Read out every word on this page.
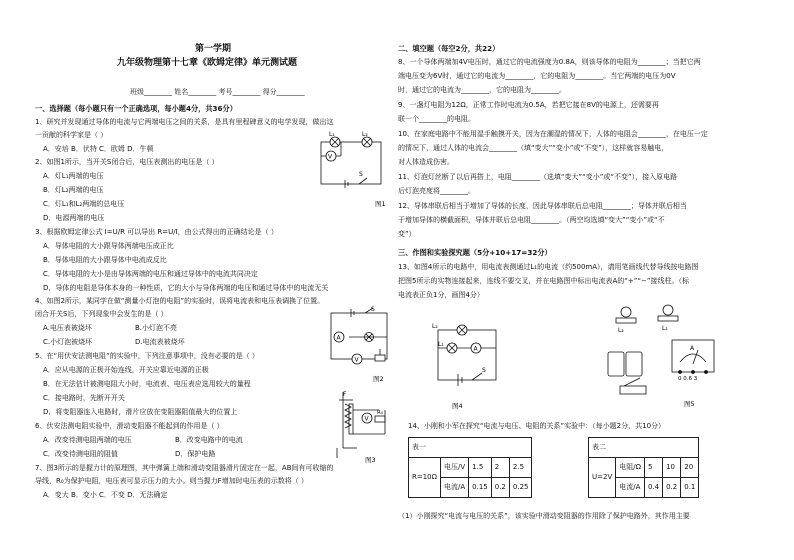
第一学期
九年级物理第十七章《欧姆定律》单元测试题
班级________ 姓名________ 考号________ 得分________
一、选择题（每小题只有一个正确选项，每小题4分，共36分）
1、研究并发现通过导体的电流与它两端电压之间的关系，是具有里程碑意义的电学发现，做出这
一贡献的科学家是（ ）
A．安培 B．伏特 C．欧姆 D．牛顿
2、如图1所示，当开关S闭合后，电压表测出的电压是（ ）
A．灯L₁两端的电压
B．灯L₂两端的电压
C．灯L₁和L₂两端的总电压
D．电源两端的电压
L₁	L₂
V
S
图1
3、根据欧姆定律公式 I=U/R 可以导出 R=U/I，由公式得出的正确结论是（ ）
A．导体电阻的大小跟导体两端电压成正比
B．导体电阻的大小跟导体中电流成反比
C．导体电阻的大小是由导体两端的电压和通过导体中的电流共同决定
D．导体的电阻是导体本身的一种性质，它的大小与导体两端的电压和通过导体中的电流无关
4、如图2所示，某同学在做“测量小灯泡的电阻”的实验时，误将电流表和电压表调换了位置。
闭合开关S后，下列现象中会发生的是（ ）
A.电压表被烧坏	B.小灯泡不亮
C.小灯泡被烧坏	D.电流表被烧坏	A
V
S
图2
5、在“用伏安法测电阻”的实验中，下列注意事项中，没有必要的是（ ）
A．应从电源的正极开始连线，开关应靠近电源的正极
B．在无法估计被测电阻大小时，电流表、电压表应选用较大的量程
C．接电路时，先断开开关
D．将变阻器连入电路时，滑片应放在变阻器阻值最大的位置上
6、伏安法测电阻实验中，滑动变阻器不能起到的作用是（ ）
A．改变待测电阻两端的电压	B．改变电路中的电流
C．改变待测电阻的阻值	D．保护电路
F
V
R₀
图3
7、图3所示的是握力计的原理图，其中弹簧上端和滑动变阻器滑片固定在一起，AB间有可收缩的
导线，R₀为保护电阻，电压表可显示压力的大小。则当握力F增加时电压表的示数将（ ）
A．变大 B．变小 C．不变 D．无法确定
二、填空题（每空2分，共22）
8、一个导体两端加4V电压时，通过它的电流强度为0.8A，则该导体的电阻为________；当把它两
端电压变为6V时，通过它的电流为________，它的电阻为________。当它两端的电压为0V
时，通过它的电流为________，它的电阻为________。
9、一盏灯电阻为12Ω，正常工作时电流为0.5A，若把它接在8V的电源上，还需要再
联一个________的电阻。
10、在家庭电路中不能用湿手触摸开关，因为在潮湿的情况下，人体的电阻会________，在电压一定
的情况下，通过人体的电流会________（填“变大”“变小”或“不变”），这样就容易触电，
对人体造成伤害。
11、灯泡灯丝断了以后再搭上，电阻________（选填“变大”“变小”或“不变”），接入原电路
后灯泡亮度将________。
12、导体串联后相当于增加了导体的长度，因此导体串联后总电阻________；导体并联后相当
于增加导体的横截面积，导体并联后总电阻________。（两空均选填“变大”“变小”或“不
变”）
三、作图和实验探究题（5分+10+17=32分）
13、如图4所示的电路中，用电流表测通过L₁的电流（约500mA），请用笔画线代替导线按电路图
把图5所示的实物连接起来，连线不要交叉，并在电路图中标出电流表A的“+”“−”接线柱。（标
电流表正负1分，画图4分）
L₂
L₁
A
S
图4
L₂	L₁
A
0 0.6 3
图5
14、小刚和小军在探究“电流与电压、电阻的关系”实验中：（每小题2分，共10分）
表一				
R=10Ω	电压/V	1.5	2	2.5
	电流/A	0.15	0.2	0.25
表二				
U=2V	电阻/Ω	5	10	20
	电流/A	0.4	0.2	0.1
（1）小刚探究“电流与电压的关系”，该实验中滑动变阻器的作用除了保护电路外，其作用主要
